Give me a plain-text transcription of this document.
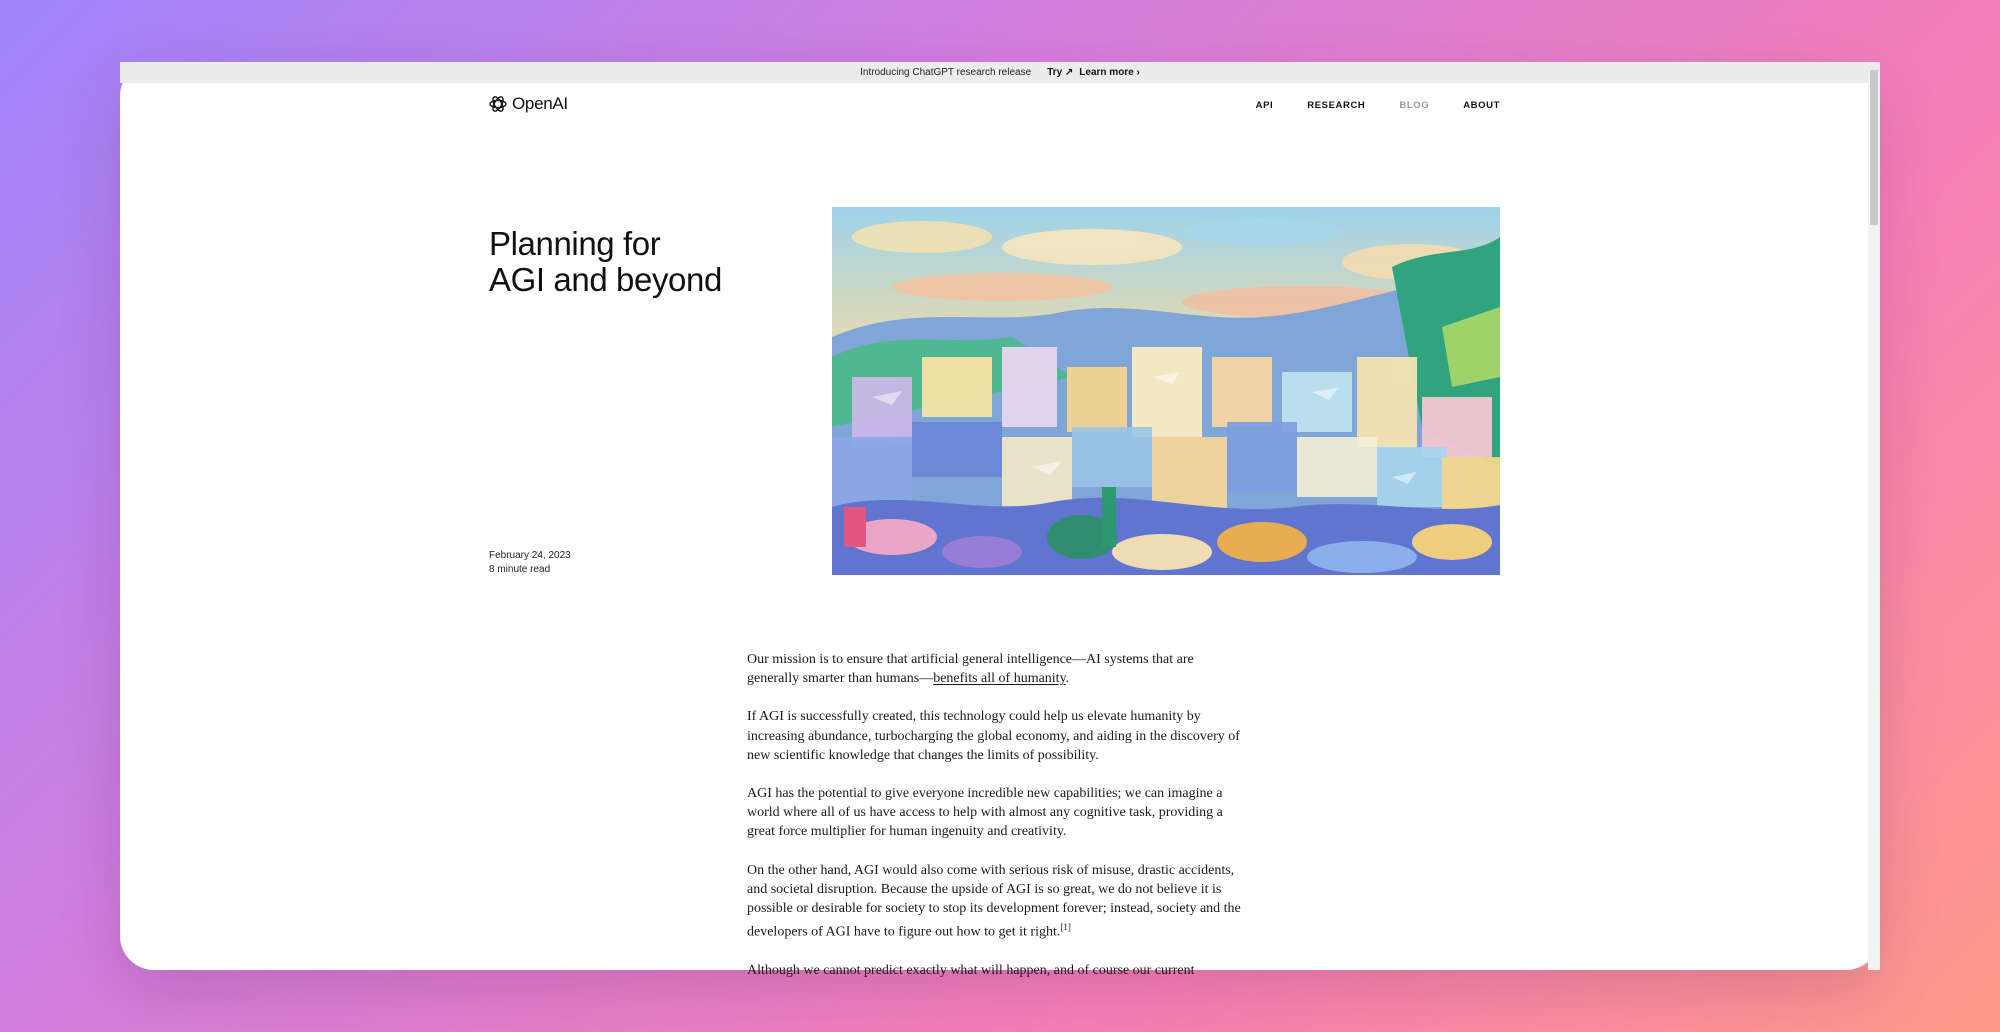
Introducing ChatGPT research release Try ↗ Learn more ›
OpenAI	API	RESEARCH	BLOG	ABOUT
Planning for
AGI and beyond
February 24, 2023
8 minute read

Our mission is to ensure that artificial general intelligence—AI systems that are generally smarter than humans—benefits all of humanity.

If AGI is successfully created, this technology could help us elevate humanity by increasing abundance, turbocharging the global economy, and aiding in the discovery of new scientific knowledge that changes the limits of possibility.

AGI has the potential to give everyone incredible new capabilities; we can imagine a world where all of us have access to help with almost any cognitive task, providing a great force multiplier for human ingenuity and creativity.

On the other hand, AGI would also come with serious risk of misuse, drastic accidents, and societal disruption. Because the upside of AGI is so great, we do not believe it is possible or desirable for society to stop its development forever; instead, society and the developers of AGI have to figure out how to get it right.[1]

Although we cannot predict exactly what will happen, and of course our current
